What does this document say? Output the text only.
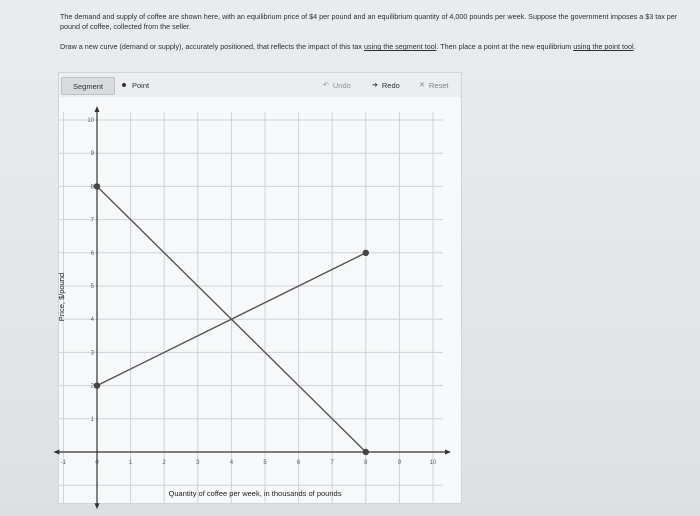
The demand and supply of coffee are shown here, with an equilibrium price of $4 per pound and an equilibrium quantity of 4,000 pounds per week. Suppose the government imposes a $3 tax per pound of coffee, collected from the seller.
Draw a new curve (demand or supply), accurately positioned, that reflects the impact of this tax using the segment tool. Then place a point at the new equilibrium using the point tool.
Segment	Point	↶ Undo	➜ Redo	✕ Reset
-1	0	1	2	3	4	5	6	7	8	9	10
1
2
3
4
5
6
7
8
9
10
Quantity of coffee per week, in thousands of pounds
Price, $/pound
